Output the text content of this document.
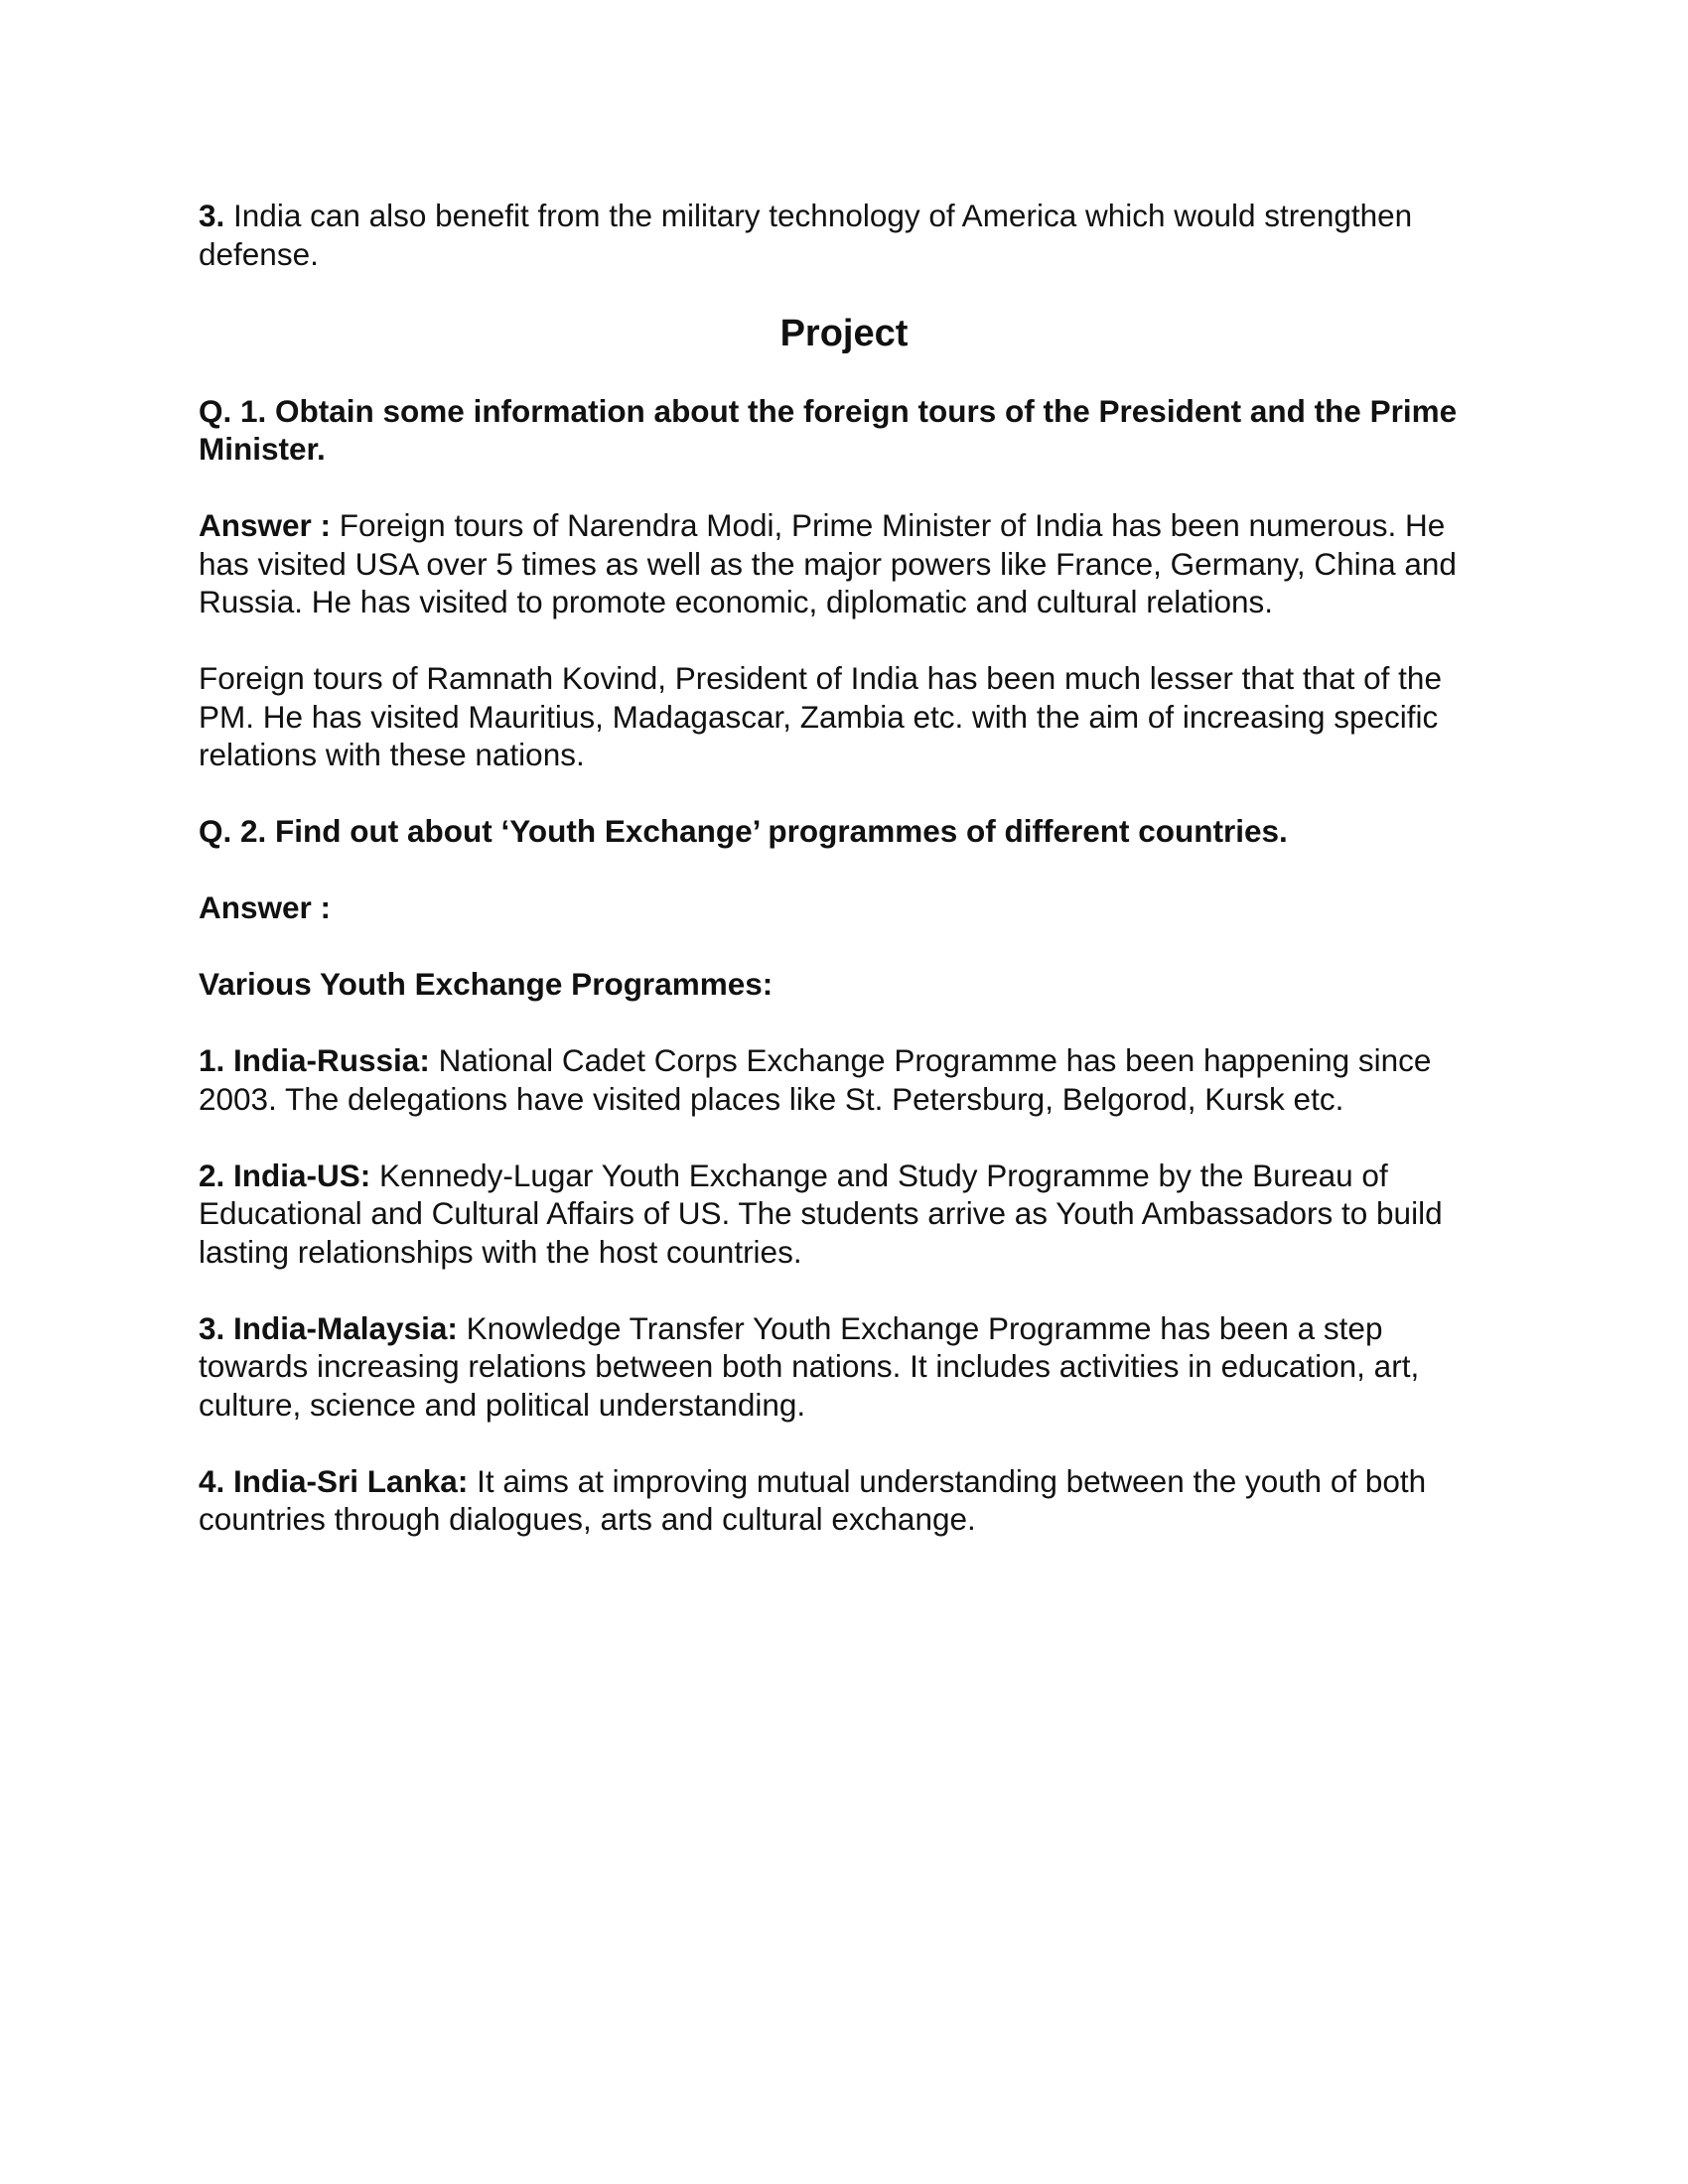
3. India can also benefit from the military technology of America which would strengthen defense.

Project

Q. 1. Obtain some information about the foreign tours of the President and the Prime Minister.

Answer : Foreign tours of Narendra Modi, Prime Minister of India has been numerous. He has visited USA over 5 times as well as the major powers like France, Germany, China and Russia. He has visited to promote economic, diplomatic and cultural relations.

Foreign tours of Ramnath Kovind, President of India has been much lesser that that of the PM. He has visited Mauritius, Madagascar, Zambia etc. with the aim of increasing specific relations with these nations.

Q. 2. Find out about ‘Youth Exchange’ programmes of different countries.

Answer :

Various Youth Exchange Programmes:

1. India-Russia: National Cadet Corps Exchange Programme has been happening since 2003. The delegations have visited places like St. Petersburg, Belgorod, Kursk etc.

2. India-US: Kennedy-Lugar Youth Exchange and Study Programme by the Bureau of Educational and Cultural Affairs of US. The students arrive as Youth Ambassadors to build lasting relationships with the host countries.

3. India-Malaysia: Knowledge Transfer Youth Exchange Programme has been a step towards increasing relations between both nations. It includes activities in education, art, culture, science and political understanding.

4. India-Sri Lanka: It aims at improving mutual understanding between the youth of both countries through dialogues, arts and cultural exchange.
